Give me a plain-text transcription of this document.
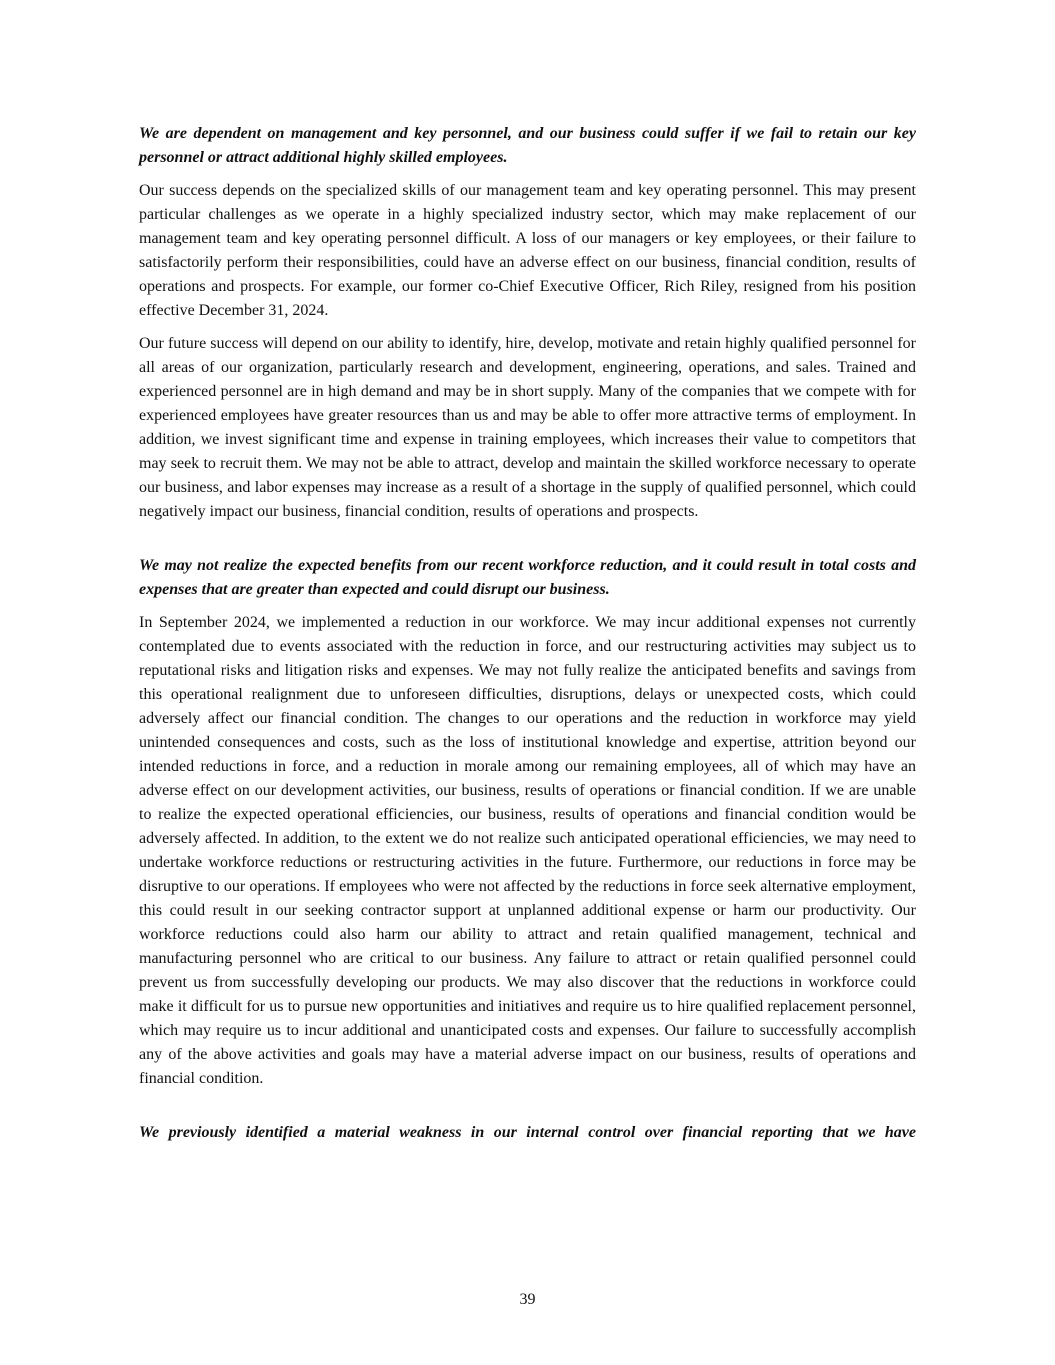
We are dependent on management and key personnel, and our business could suffer if we fail to retain our key personnel or attract additional highly skilled employees.

Our success depends on the specialized skills of our management team and key operating personnel. This may present particular challenges as we operate in a highly specialized industry sector, which may make replacement of our management team and key operating personnel difficult. A loss of our managers or key employees, or their failure to satisfactorily perform their responsibilities, could have an adverse effect on our business, financial condition, results of operations and prospects. For example, our former co-Chief Executive Officer, Rich Riley, resigned from his position effective December 31, 2024.

Our future success will depend on our ability to identify, hire, develop, motivate and retain highly qualified personnel for all areas of our organization, particularly research and development, engineering, operations, and sales. Trained and experienced personnel are in high demand and may be in short supply. Many of the companies that we compete with for experienced employees have greater resources than us and may be able to offer more attractive terms of employment. In addition, we invest significant time and expense in training employees, which increases their value to competitors that may seek to recruit them. We may not be able to attract, develop and maintain the skilled workforce necessary to operate our business, and labor expenses may increase as a result of a shortage in the supply of qualified personnel, which could negatively impact our business, financial condition, results of operations and prospects.

We may not realize the expected benefits from our recent workforce reduction, and it could result in total costs and expenses that are greater than expected and could disrupt our business.

In September 2024, we implemented a reduction in our workforce. We may incur additional expenses not currently contemplated due to events associated with the reduction in force, and our restructuring activities may subject us to reputational risks and litigation risks and expenses. We may not fully realize the anticipated benefits and savings from this operational realignment due to unforeseen difficulties, disruptions, delays or unexpected costs, which could adversely affect our financial condition. The changes to our operations and the reduction in workforce may yield unintended consequences and costs, such as the loss of institutional knowledge and expertise, attrition beyond our intended reductions in force, and a reduction in morale among our remaining employees, all of which may have an adverse effect on our development activities, our business, results of operations or financial condition. If we are unable to realize the expected operational efficiencies, our business, results of operations and financial condition would be adversely affected. In addition, to the extent we do not realize such anticipated operational efficiencies, we may need to undertake workforce reductions or restructuring activities in the future. Furthermore, our reductions in force may be disruptive to our operations. If employees who were not affected by the reductions in force seek alternative employment, this could result in our seeking contractor support at unplanned additional expense or harm our productivity. Our workforce reductions could also harm our ability to attract and retain qualified management, technical and manufacturing personnel who are critical to our business. Any failure to attract or retain qualified personnel could prevent us from successfully developing our products. We may also discover that the reductions in workforce could make it difficult for us to pursue new opportunities and initiatives and require us to hire qualified replacement personnel, which may require us to incur additional and unanticipated costs and expenses. Our failure to successfully accomplish any of the above activities and goals may have a material adverse impact on our business, results of operations and financial condition.

We previously identified a material weakness in our internal control over financial reporting that we have

39
